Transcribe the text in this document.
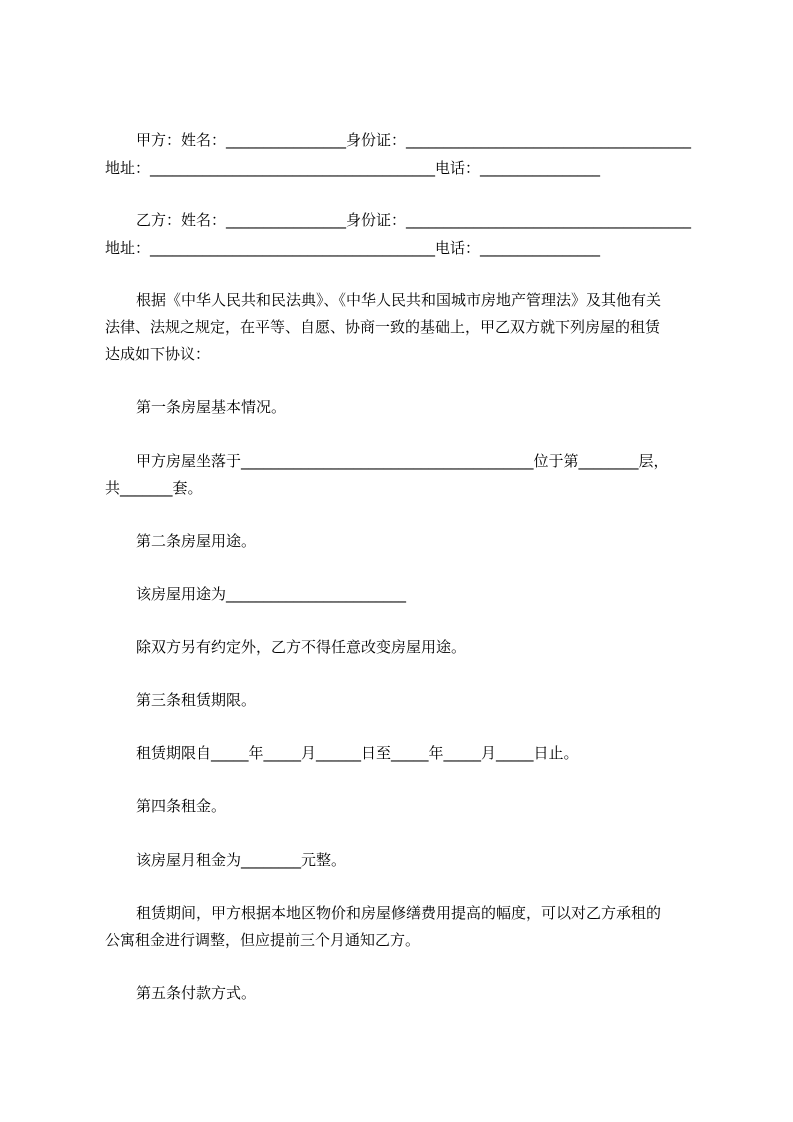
甲方：姓名：________________身份证：______________________________________
地址：______________________________________电话：________________
乙方：姓名：________________身份证：______________________________________
地址：______________________________________电话：________________
根据《中华人民共和民法典》、《中华人民共和国城市房地产管理法》及其他有关
法律、法规之规定，在平等、自愿、协商一致的基础上，甲乙双方就下列房屋的租赁
达成如下协议：
第一条房屋基本情况。
甲方房屋坐落于_______________________________________位于第________层，
共_______套。
第二条房屋用途。
该房屋用途为________________________
除双方另有约定外，乙方不得任意改变房屋用途。
第三条租赁期限。
租赁期限自_____年_____月______日至_____年_____月_____日止。
第四条租金。
该房屋月租金为________元整。
租赁期间，甲方根据本地区物价和房屋修缮费用提高的幅度，可以对乙方承租的
公寓租金进行调整，但应提前三个月通知乙方。
第五条付款方式。
